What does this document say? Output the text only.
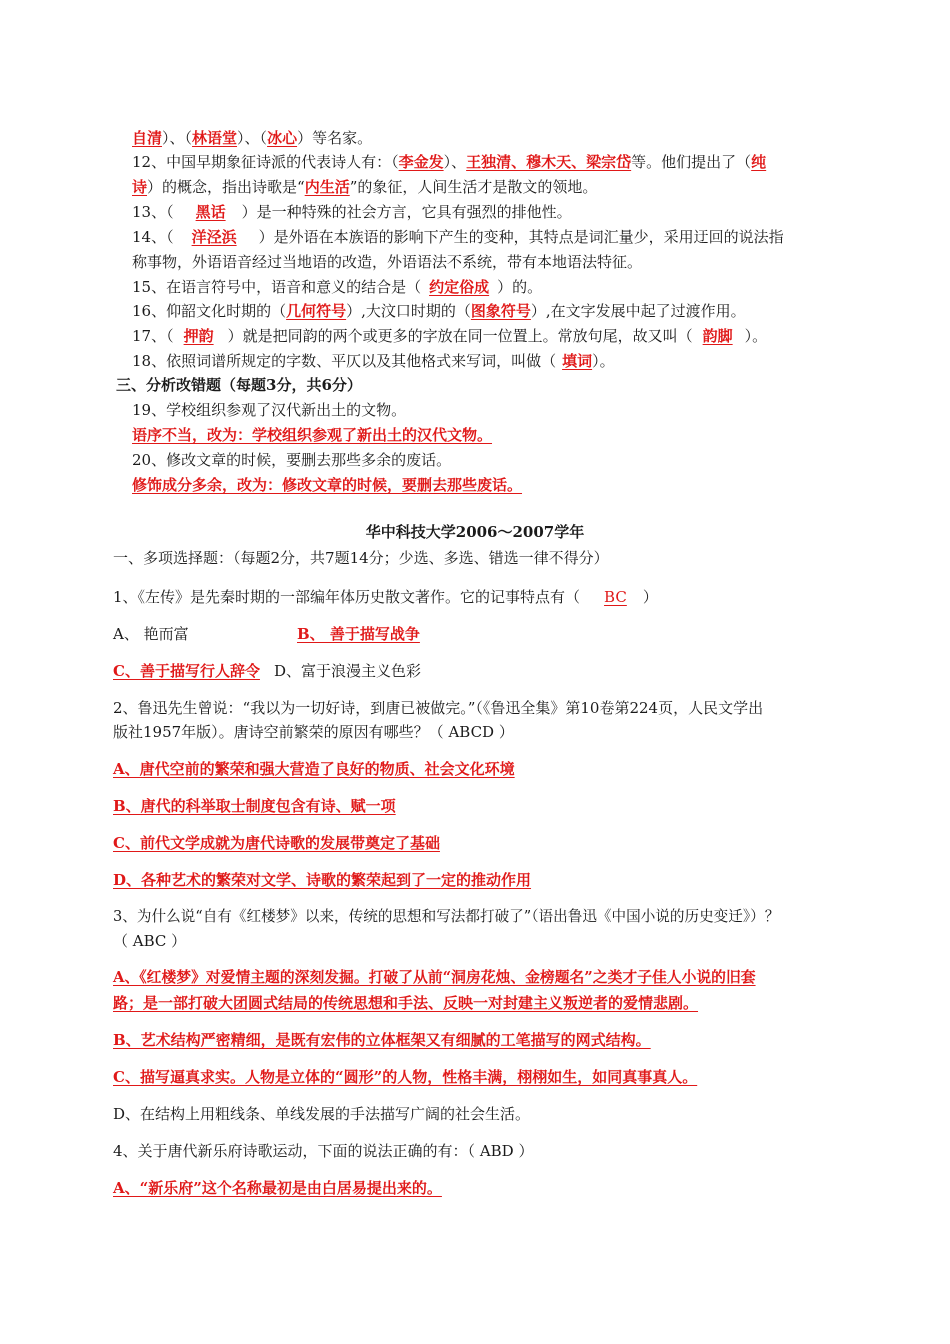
自清）、（林语堂）、（冰心）等名家。
12、中国早期象征诗派的代表诗人有：（李金发）、王独清、穆木天、梁宗岱等。他们提出了（纯
诗）的概念，指出诗歌是“内生活”的象征，人间生活才是散文的领地。
13、（ 黑话 ）是一种特殊的社会方言，它具有强烈的排他性。
14、（ 洋泾浜 ）是外语在本族语的影响下产生的变种，其特点是词汇量少，采用迂回的说法指
称事物，外语语音经过当地语的改造，外语语法不系统，带有本地语法特征。
15、在语言符号中，语音和意义的结合是（ 约定俗成 ）的。
16、仰韶文化时期的（几何符号）,大汶口时期的（图象符号）,在文字发展中起了过渡作用。
17、（ 押韵 ）就是把同韵的两个或更多的字放在同一位置上。常放句尾，故又叫（ 韵脚 ）。
18、依照词谱所规定的字数、平仄以及其他格式来写词，叫做（ 填词）。
三、分析改错题（每题3分，共6分）
19、学校组织参观了汉代新出土的文物。
语序不当，改为：学校组织参观了新出土的汉代文物。
20、修改文章的时候，要删去那些多余的废话。
修饰成分多余，改为：修改文章的时候，要删去那些废话。
华中科技大学2006～2007学年
一、多项选择题：（每题2分，共7题14分；少选、多选、错选一律不得分）
1、《左传》是先秦时期的一部编年体历史散文著作。它的记事特点有（ BC ）
A、 艳而富	B、 善于描写战争
C、善于描写行人辞令 D、富于浪漫主义色彩
2、鲁迅先生曾说：“我以为一切好诗，到唐已被做完。”（《鲁迅全集》第10卷第224页，人民文学出
版社1957年版）。唐诗空前繁荣的原因有哪些？（ ABCD ）
A、唐代空前的繁荣和强大营造了良好的物质、社会文化环境
B、唐代的科举取士制度包含有诗、赋一项
C、前代文学成就为唐代诗歌的发展带奠定了基础
D、各种艺术的繁荣对文学、诗歌的繁荣起到了一定的推动作用
3、为什么说“自有《红楼梦》以来，传统的思想和写法都打破了”（语出鲁迅《中国小说的历史变迁》）？
（ ABC ）
A、《红楼梦》对爱情主题的深刻发掘。打破了从前“洞房花烛、金榜题名”之类才子佳人小说的旧套
路；是一部打破大团圆式结局的传统思想和手法、反映一对封建主义叛逆者的爱情悲剧。
B、艺术结构严密精细，是既有宏伟的立体框架又有细腻的工笔描写的网式结构。
C、描写逼真求实。人物是立体的“圆形”的人物，性格丰满，栩栩如生，如同真事真人。
D、在结构上用粗线条、单线发展的手法描写广阔的社会生活。
4、关于唐代新乐府诗歌运动，下面的说法正确的有：（ ABD ）
A、“新乐府”这个名称最初是由白居易提出来的。
